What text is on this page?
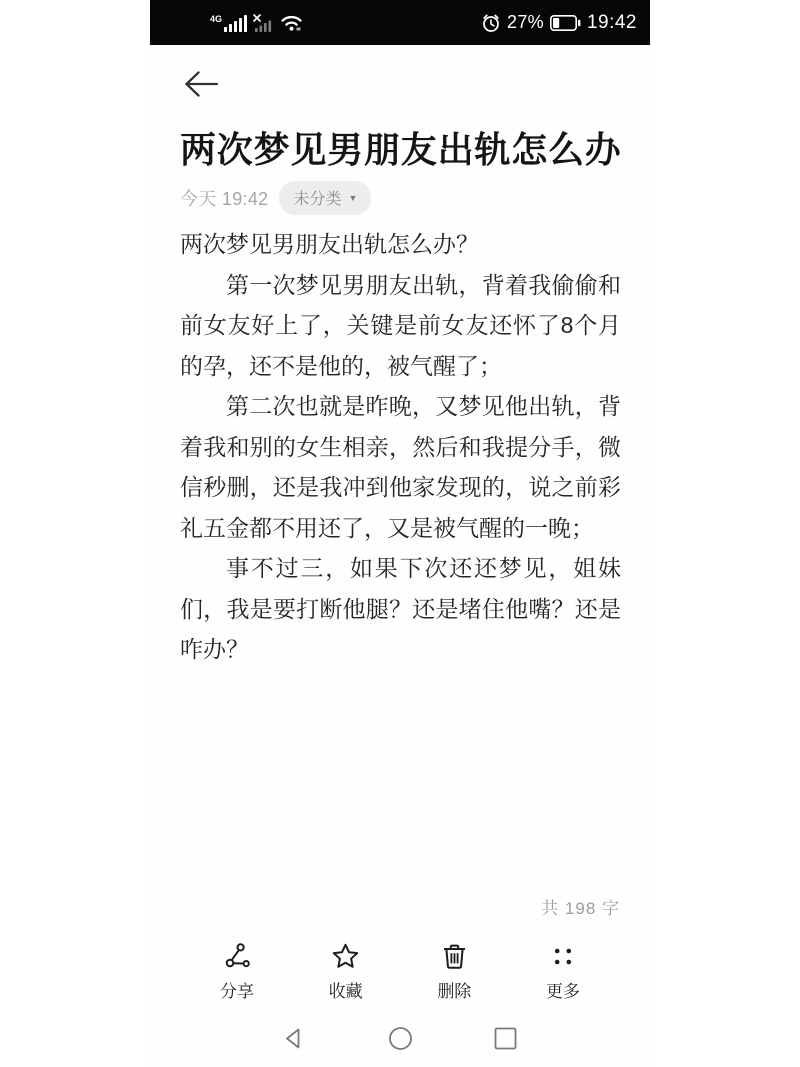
4G	27% 19:42
两次梦见男朋友出轨怎么办
今天 19:42 未分类 ▼

两次梦见男朋友出轨怎么办？

第一次梦见男朋友出轨，背着我偷偷和前女友好上了，关键是前女友还怀了8个月的孕，还不是他的，被气醒了；

第二次也就是昨晚，又梦见他出轨，背着我和别的女生相亲，然后和我提分手，微信秒删，还是我冲到他家发现的，说之前彩礼五金都不用还了，又是被气醒的一晚；

事不过三，如果下次还还梦见，姐妹们，我是要打断他腿？还是堵住他嘴？还是咋办？

共 198 字
分享	收藏	删除	更多
